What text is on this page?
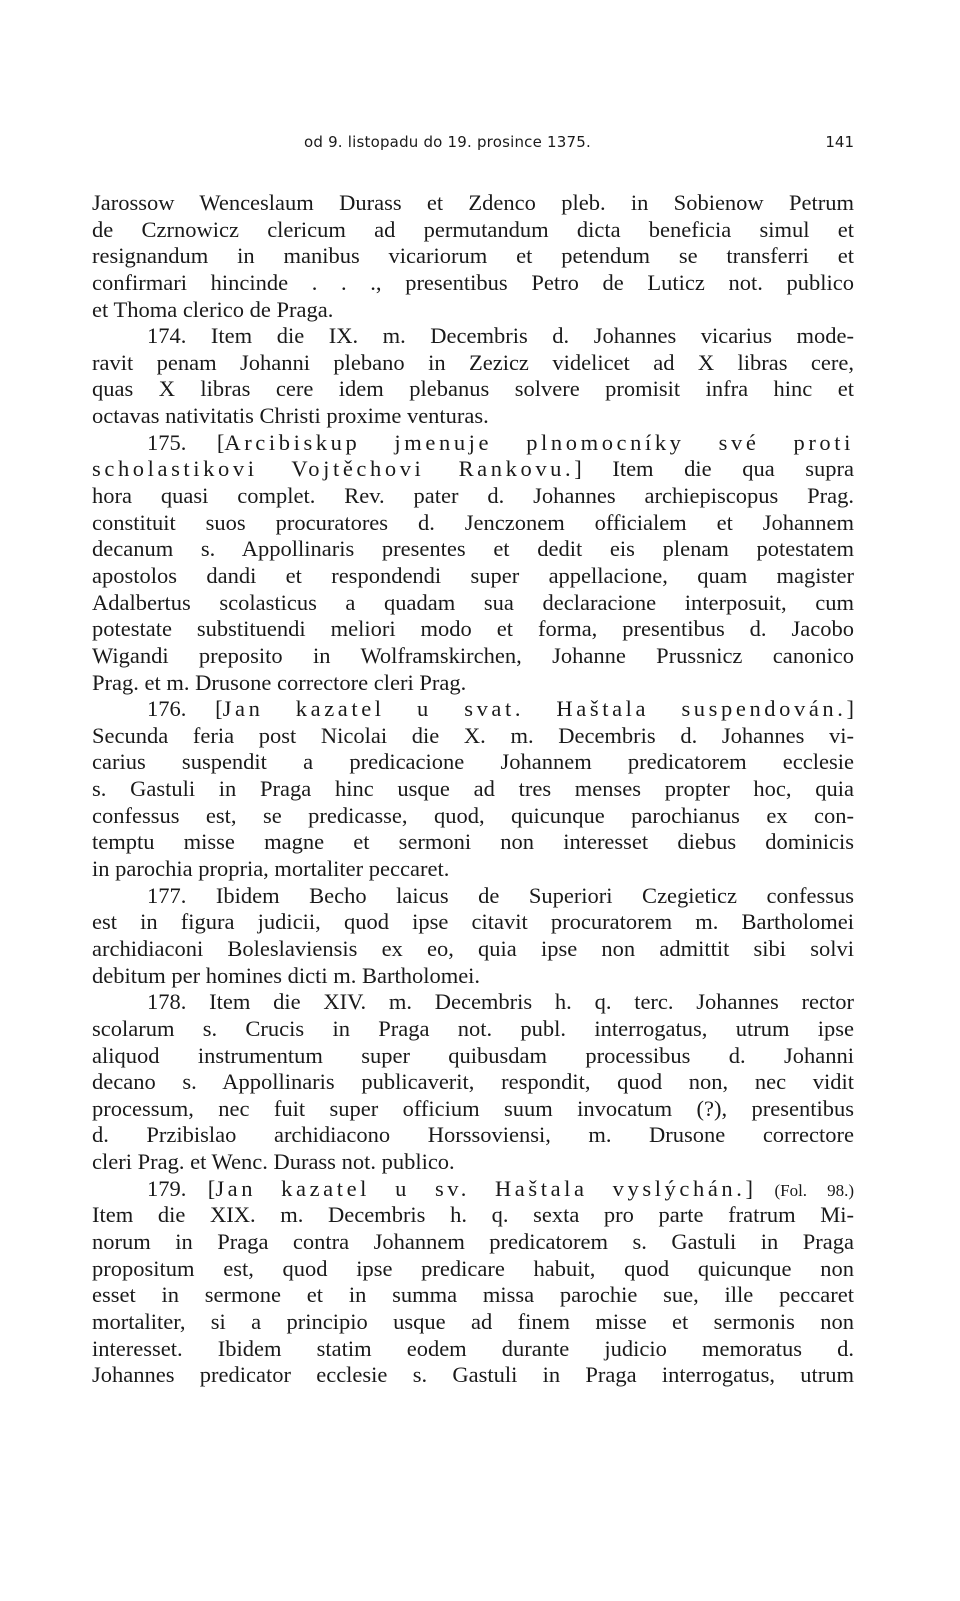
od 9. listopadu do 19. prosince 1375.	141
Jarossow Wenceslaum Durass et Zdenco pleb. in Sobienow Petrum
de Czrnowicz clericum ad permutandum dicta beneficia simul et
resignandum in manibus vicariorum et petendum se transferri et
confirmari hincinde . . ., presentibus Petro de Luticz not. publico
et Thoma clerico de Praga.
174. Item die IX. m. Decembris d. Johannes vicarius mode-
ravit penam Johanni plebano in Zezicz videlicet ad X libras cere,
quas X libras cere idem plebanus solvere promisit infra hinc et
octavas nativitatis Christi proxime venturas.
175. [Arcibiskup jmenuje plnomocníky své proti
scholastikovi Vojtěchovi Rankovu.] Item die qua supra
hora quasi complet. Rev. pater d. Johannes archiepiscopus Prag.
constituit suos procuratores d. Jenczonem officialem et Johannem
decanum s. Appollinaris presentes et dedit eis plenam potestatem
apostolos dandi et respondendi super appellacione, quam magister
Adalbertus scolasticus a quadam sua declaracione interposuit, cum
potestate substituendi meliori modo et forma, presentibus d. Jacobo
Wigandi preposito in Wolframskirchen, Johanne Prussnicz canonico
Prag. et m. Drusone correctore cleri Prag.
176. [Jan kazatel u svat. Haštala suspendován.]
Secunda feria post Nicolai die X. m. Decembris d. Johannes vi-
carius suspendit a predicacione Johannem predicatorem ecclesie
s. Gastuli in Praga hinc usque ad tres menses propter hoc, quia
confessus est, se predicasse, quod, quicunque parochianus ex con-
temptu misse magne et sermoni non interesset diebus dominicis
in parochia propria, mortaliter peccaret.
177. Ibidem Becho laicus de Superiori Czegieticz confessus
est in figura judicii, quod ipse citavit procuratorem m. Bartholomei
archidiaconi Boleslaviensis ex eo, quia ipse non admittit sibi solvi
debitum per homines dicti m. Bartholomei.
178. Item die XIV. m. Decembris h. q. terc. Johannes rector
scolarum s. Crucis in Praga not. publ. interrogatus, utrum ipse
aliquod instrumentum super quibusdam processibus d. Johanni
decano s. Appollinaris publicaverit, respondit, quod non, nec vidit
processum, nec fuit super officium suum invocatum (?), presentibus
d. Przibislao archidiacono Horssoviensi, m. Drusone correctore
cleri Prag. et Wenc. Durass not. publico.
179. [Jan kazatel u sv. Haštala vyslýchán.] (Fol. 98.)
Item die XIX. m. Decembris h. q. sexta pro parte fratrum Mi-
norum in Praga contra Johannem predicatorem s. Gastuli in Praga
propositum est, quod ipse predicare habuit, quod quicunque non
esset in sermone et in summa missa parochie sue, ille peccaret
mortaliter, si a principio usque ad finem misse et sermonis non
interesset. Ibidem statim eodem durante judicio memoratus d.
Johannes predicator ecclesie s. Gastuli in Praga interrogatus, utrum
